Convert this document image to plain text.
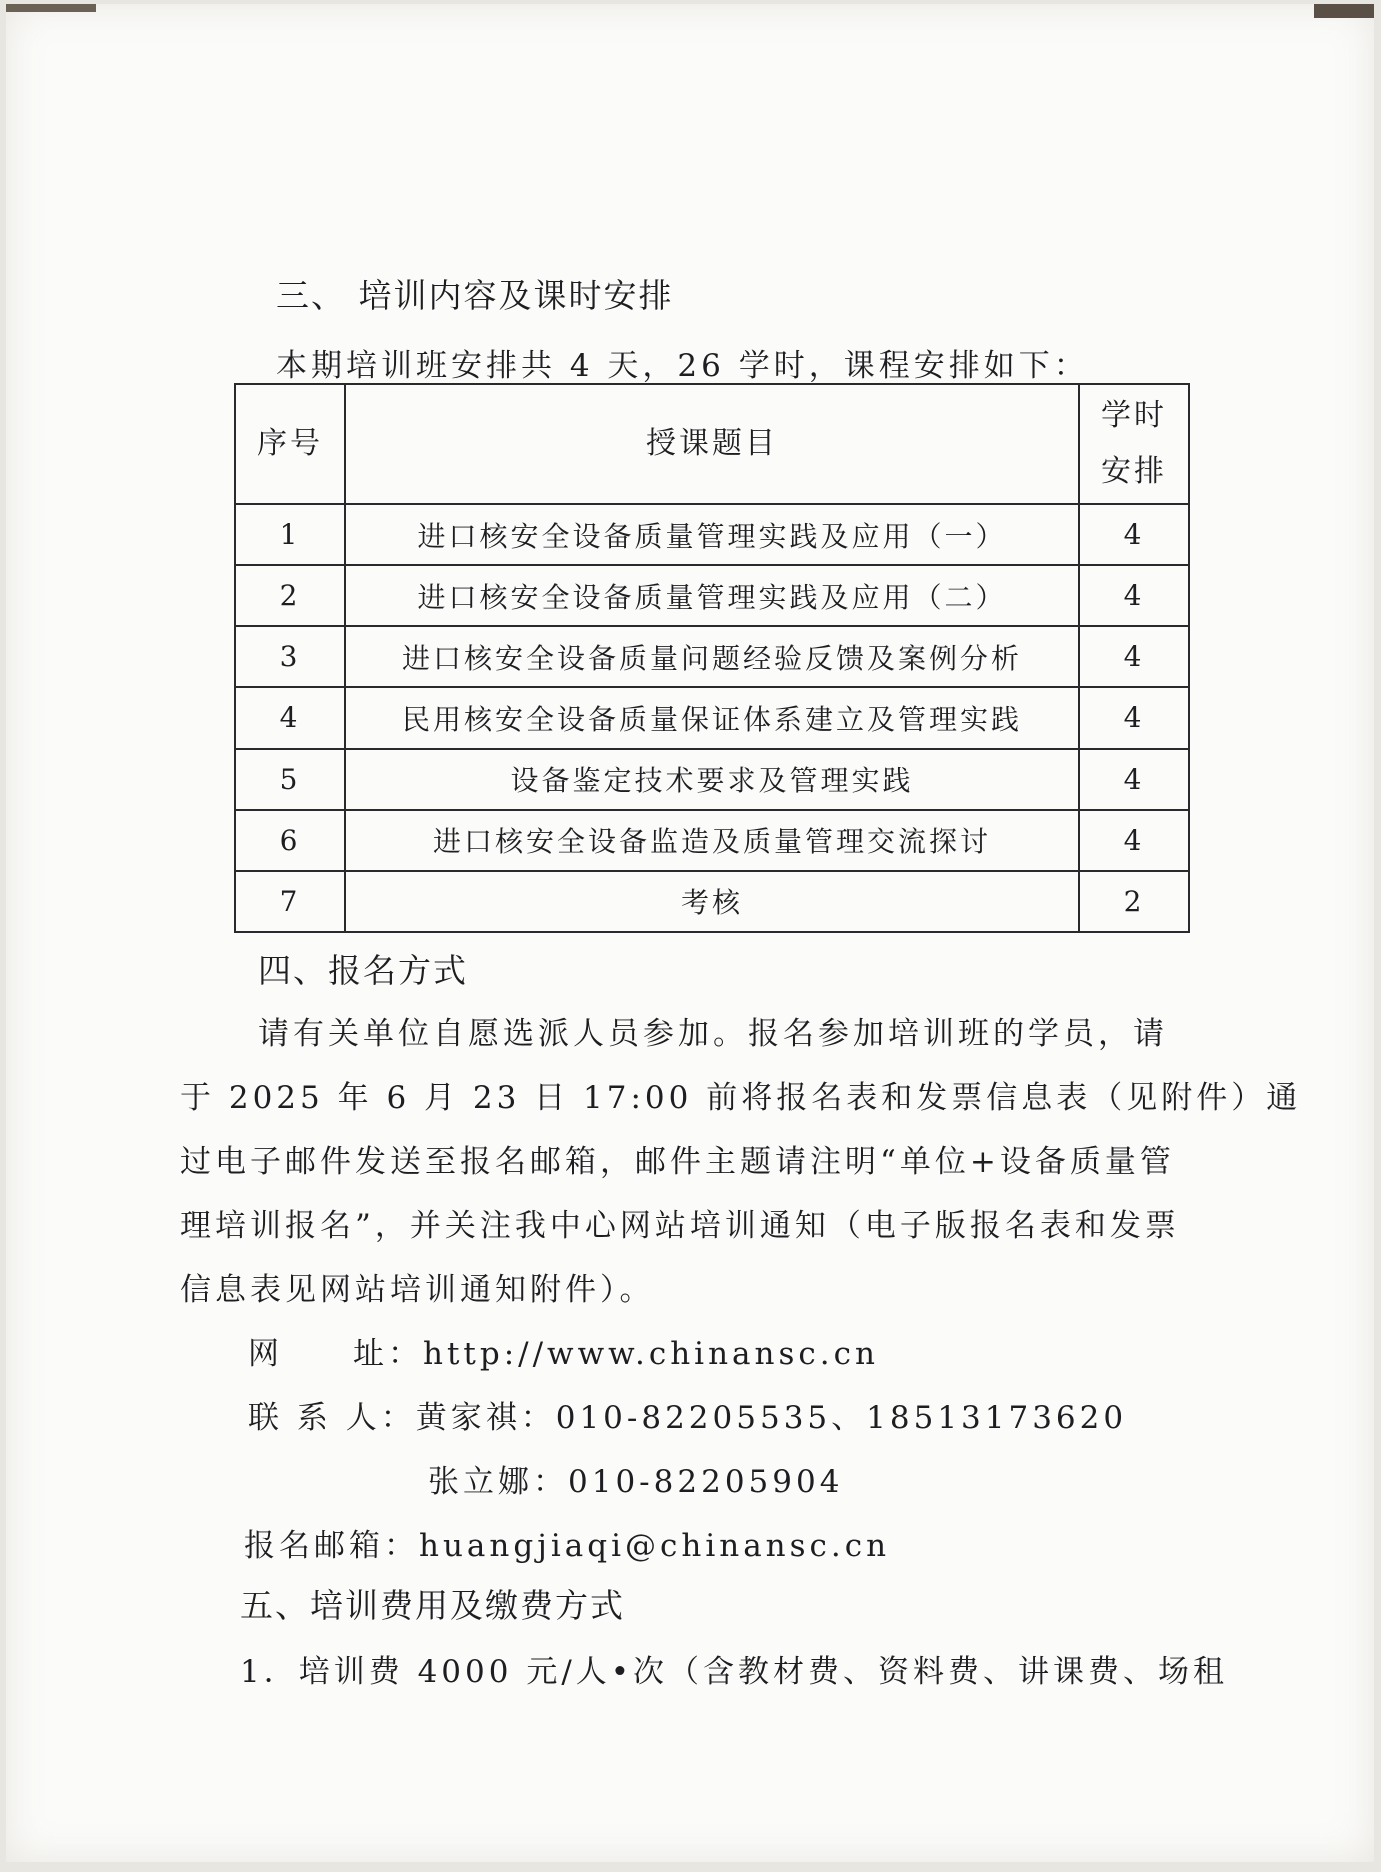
三、 培训内容及课时安排
本期培训班安排共 4 天，26 学时，课程安排如下：
序号	授课题目	学时
安排

1	进口核安全设备质量管理实践及应用（一）	4
2	进口核安全设备质量管理实践及应用（二）	4
3	进口核安全设备质量问题经验反馈及案例分析	4
4	民用核安全设备质量保证体系建立及管理实践	4
5	设备鉴定技术要求及管理实践	4
6	进口核安全设备监造及质量管理交流探讨	4
7	考核	2
四、报名方式
请有关单位自愿选派人员参加。报名参加培训班的学员，请
于 2025 年 6 月 23 日 17:00 前将报名表和发票信息表（见附件）通
过电子邮件发送至报名邮箱，邮件主题请注明“单位+设备质量管
理培训报名”，并关注我中心网站培训通知（电子版报名表和发票
信息表见网站培训通知附件）。
网　　址：http://www.chinansc.cn
联 系 人：黄家祺：010-82205535、18513173620
张立娜：010-82205904
报名邮箱：huangjiaqi@chinansc.cn
五、培训费用及缴费方式
1．培训费 4000 元/人•次（含教材费、资料费、讲课费、场租
